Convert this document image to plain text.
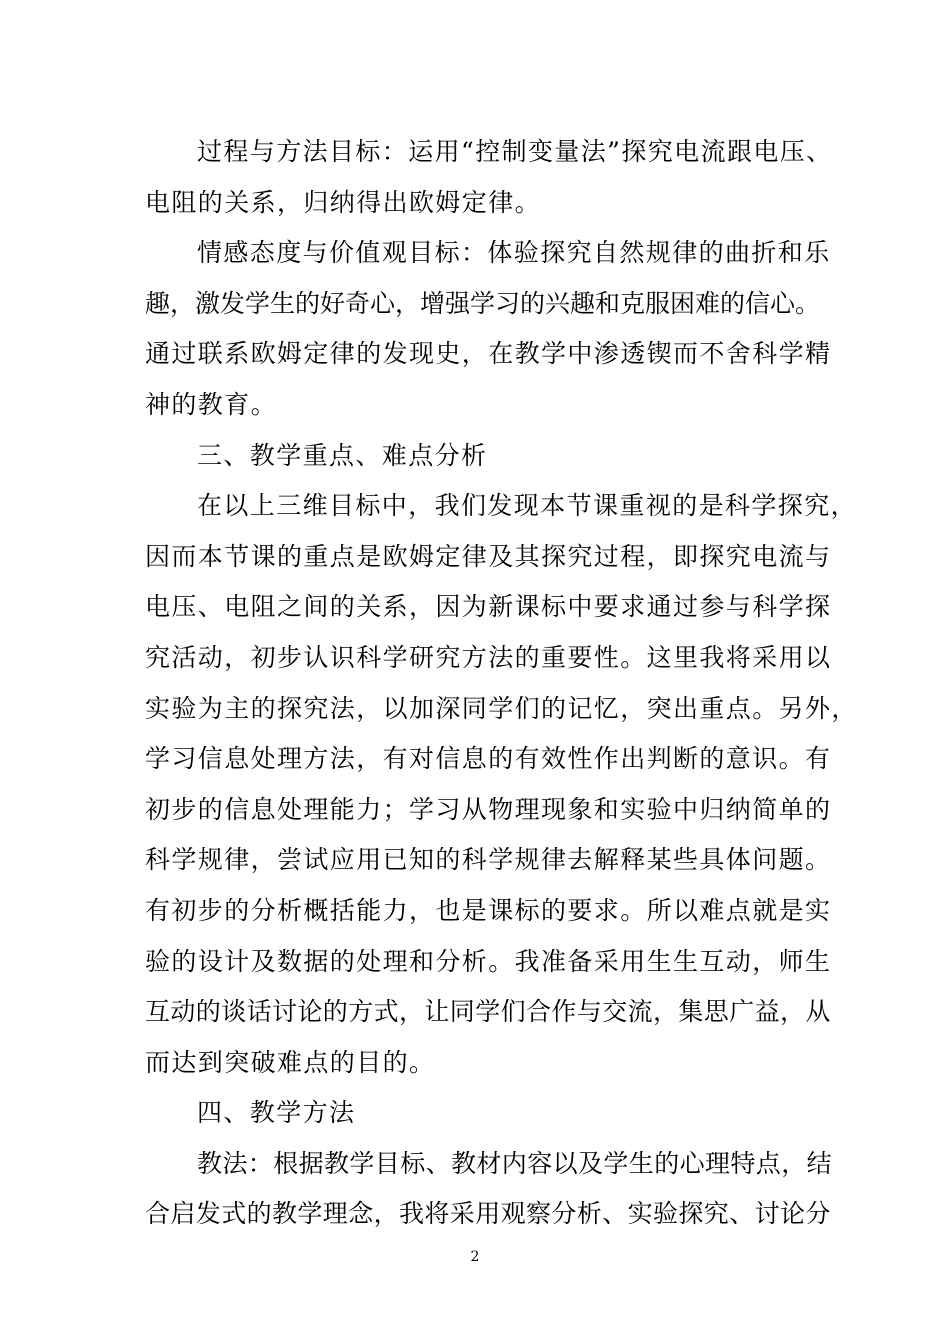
过程与方法目标：运用“控制变量法”探究电流跟电压、
电阻的关系，归纳得出欧姆定律。
情感态度与价值观目标：体验探究自然规律的曲折和乐
趣，激发学生的好奇心，增强学习的兴趣和克服困难的信心。
通过联系欧姆定律的发现史，在教学中渗透锲而不舍科学精
神的教育。
三、教学重点、难点分析
在以上三维目标中，我们发现本节课重视的是科学探究，
因而本节课的重点是欧姆定律及其探究过程，即探究电流与
电压、电阻之间的关系，因为新课标中要求通过参与科学探
究活动，初步认识科学研究方法的重要性。这里我将采用以
实验为主的探究法，以加深同学们的记忆，突出重点。另外，
学习信息处理方法，有对信息的有效性作出判断的意识。有
初步的信息处理能力；学习从物理现象和实验中归纳简单的
科学规律，尝试应用已知的科学规律去解释某些具体问题。
有初步的分析概括能力，也是课标的要求。所以难点就是实
验的设计及数据的处理和分析。我准备采用生生互动，师生
互动的谈话讨论的方式，让同学们合作与交流，集思广益，从
而达到突破难点的目的。
四、教学方法
教法：根据教学目标、教材内容以及学生的心理特点，结
合启发式的教学理念，我将采用观察分析、实验探究、讨论分
2
